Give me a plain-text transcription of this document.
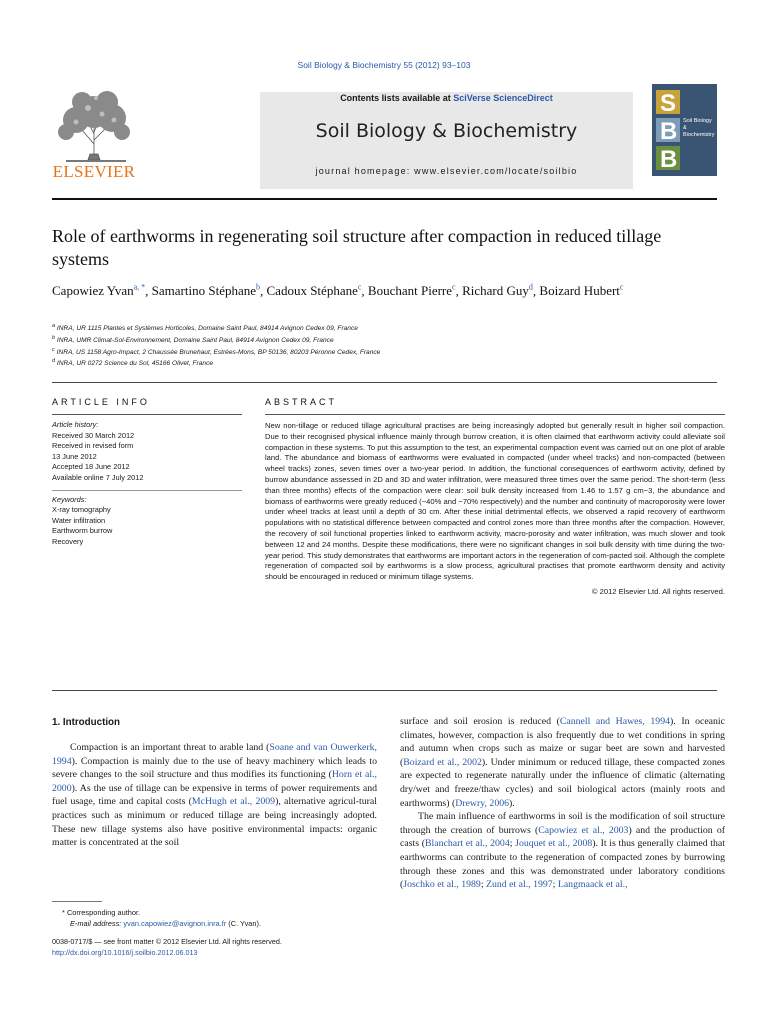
Soil Biology & Biochemistry 55 (2012) 93–103
ELSEVIER
Contents lists available at SciVerse ScienceDirect
Soil Biology & Biochemistry
journal homepage: www.elsevier.com/locate/soilbio
S
B
B
Soil Biology & Biochemistry
Role of earthworms in regenerating soil structure after compaction in reduced tillage systems
Capowiez Yvan$^{a, *}$, Samartino Stéphane$^b$, Cadoux Stéphane$^c$, Bouchant Pierre$^c$, Richard Guy$^d$, Boizard Hubert$^c$
$^a$ INRA, UR 1115 Plantes et Systèmes Horticoles, Domaine Saint Paul, 84914 Avignon Cedex 09, France
$^b$ INRA, UMR Climat-Sol-Environnement, Domaine Saint Paul, 84914 Avignon Cedex 09, France
$^c$ INRA, US 1158 Agro-Impact, 2 Chaussée Brunehaut, Estrées-Mons, BP 50136, 80203 Péronne Cedex, France
$^d$ INRA, UR 0272 Science du Sol, 45166 Olivet, France
ARTICLE INFO
Article history:
Received 30 March 2012
Received in revised form
13 June 2012
Accepted 18 June 2012
Available online 7 July 2012
Keywords:
X-ray tomography
Water infiltration
Earthworm burrow
Recovery
ABSTRACT

New non-tillage or reduced tillage agricultural practises are being increasingly adopted but generally result in higher soil compaction. Due to their recognised physical influence mainly through burrow creation, it is often claimed that earthworm activity could alleviate soil compaction in these systems. To put this assumption to the test, an experimental compaction event was carried out on one plot of arable land. The abundance and biomass of earthworms were evaluated in compacted (under wheel tracks) and non-compacted (between wheel tracks) zones, seven times over a two-year period. In addition, the functional consequences of earthworm activity, defined by burrow abundance assessed in 2D and 3D and water infiltration, were measured three times over the same period. The short-term (less than three months) effects of the compaction were clear: soil bulk density increased from 1.46 to 1.57 g cm−3, the abundance and biomass of earthworms were greatly reduced (−40% and −70% respectively) and the number and continuity of macroporosity were lower under wheel tracks at least until a depth of 30 cm. After these initial detrimental effects, we observed a rapid recovery of earthworm populations with no statistical difference between compacted and control zones more than three months after the compaction. However, the recovery of soil functional properties linked to earthworm activity, macro-porosity and water infiltration, was much slower and took between 12 and 24 months. Despite these modifications, there were no significant changes in soil bulk density with time during the two-year period. This study demonstrates that earthworms are important actors in the regeneration of com-pacted soil. Although the complete regeneration of compacted soil by earthworms is a slow process, agricultural practises that promote earthworm density and activity should be encouraged in reduced or minimum tillage systems.

© 2012 Elsevier Ltd. All rights reserved.
1. Introduction

Compaction is an important threat to arable land (Soane and van Ouwerkerk, 1994). Compaction is mainly due to the use of heavy machinery which leads to severe changes to the soil structure and thus modifies its functioning (Horn et al., 2000). As the use of tillage can be expensive in terms of power requirements and fuel usage, time and capital costs (McHugh et al., 2009), alternative agricul-tural practices such as minimum or reduced tillage are being increasingly adopted. These new tillage systems also have positive environmental impacts: organic matter is concentrated at the soil

surface and soil erosion is reduced (Cannell and Hawes, 1994). In oceanic climates, however, compaction is also frequently due to wet conditions in spring and autumn when crops such as maize or sugar beet are sown and harvested (Boizard et al., 2002). Under minimum or reduced tillage, these compacted zones are expected to regenerate naturally under the influence of climatic (alternating dry/wet and freeze/thaw cycles) and soil biological actors (mainly roots and earthworms) (Drewry, 2006).

The main influence of earthworms in soil is the modification of soil structure through the creation of burrows (Capowiez et al., 2003) and the production of casts (Blanchart et al., 2004; Jouquet et al., 2008). It is thus generally claimed that earthworms can contribute to the regeneration of compacted zones by burrowing through these zones and this was demonstrated under laboratory conditions (Joschko et al., 1989; Zund et al., 1997; Langmaack et al.,

* Corresponding author.
E-mail address: yvan.capowiez@avignon.inra.fr (C. Yvan).
0038-0717/$ — see front matter © 2012 Elsevier Ltd. All rights reserved.
http://dx.doi.org/10.1016/j.soilbio.2012.06.013
